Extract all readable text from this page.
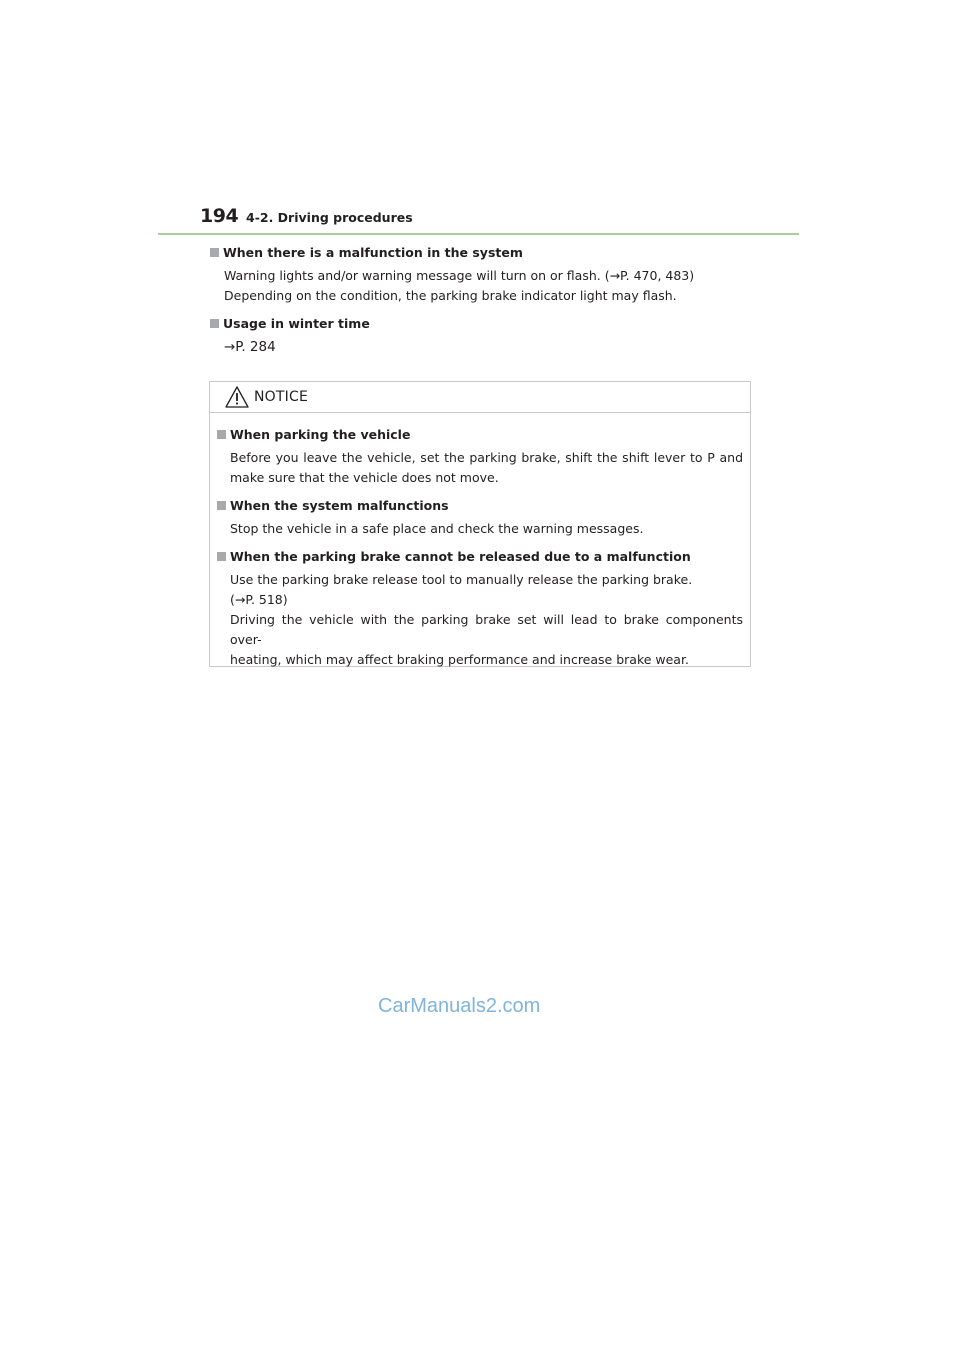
194 4-2. Driving procedures
When there is a malfunction in the system
Warning lights and/or warning message will turn on or flash. (→P. 470, 483)
Depending on the condition, the parking brake indicator light may flash.
Usage in winter time
→P. 284
NOTICE
When parking the vehicle
Before you leave the vehicle, set the parking brake, shift the shift lever to P and
make sure that the vehicle does not move.
When the system malfunctions
Stop the vehicle in a safe place and check the warning messages.
When the parking brake cannot be released due to a malfunction
Use the parking brake release tool to manually release the parking brake.
(→P. 518)
Driving the vehicle with the parking brake set will lead to brake components over-
heating, which may affect braking performance and increase brake wear.
CarManuals2.com
